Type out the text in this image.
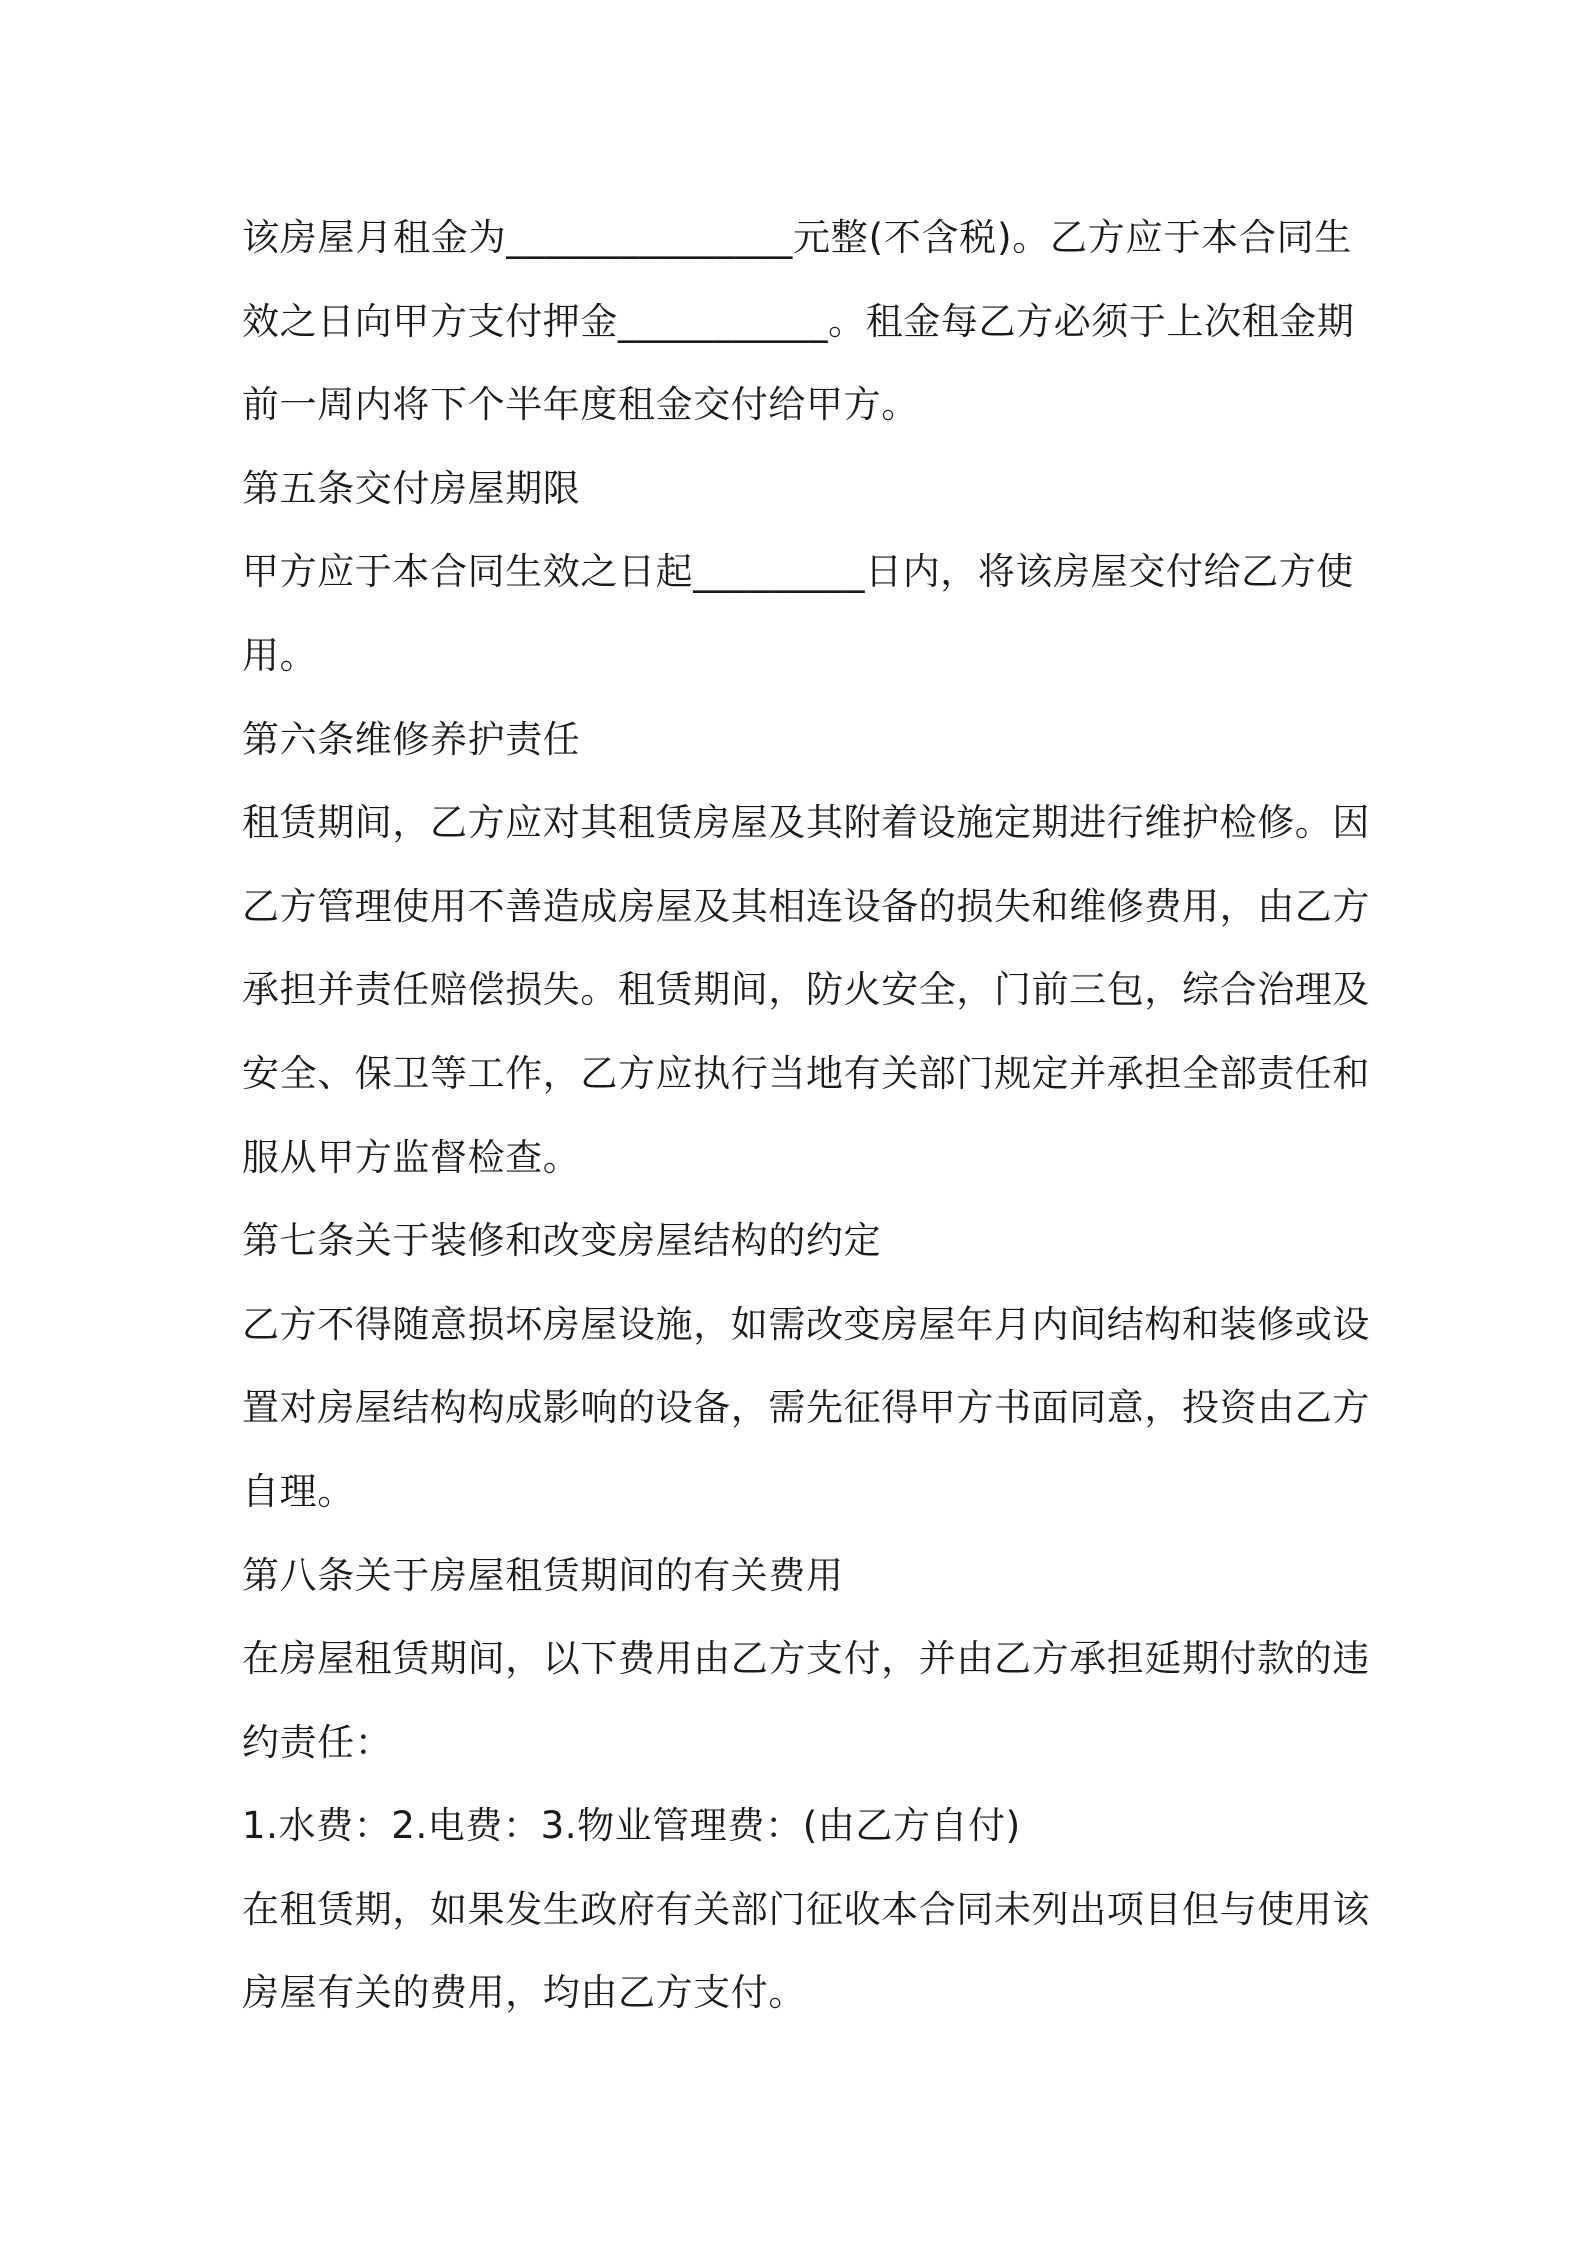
该房屋月租金为_______________元整(不含税)。乙方应于本合同生
效之日向甲方支付押金___________。租金每乙方必须于上次租金期
前一周内将下个半年度租金交付给甲方。
第五条交付房屋期限
甲方应于本合同生效之日起_________日内，将该房屋交付给乙方使
用。
第六条维修养护责任
租赁期间，乙方应对其租赁房屋及其附着设施定期进行维护检修。因
乙方管理使用不善造成房屋及其相连设备的损失和维修费用，由乙方
承担并责任赔偿损失。租赁期间，防火安全，门前三包，综合治理及
安全、保卫等工作，乙方应执行当地有关部门规定并承担全部责任和
服从甲方监督检查。
第七条关于装修和改变房屋结构的约定
乙方不得随意损坏房屋设施，如需改变房屋年月内间结构和装修或设
置对房屋结构构成影响的设备，需先征得甲方书面同意，投资由乙方
自理。
第八条关于房屋租赁期间的有关费用
在房屋租赁期间，以下费用由乙方支付，并由乙方承担延期付款的违
约责任：
1.水费：2.电费：3.物业管理费：(由乙方自付)
在租赁期，如果发生政府有关部门征收本合同未列出项目但与使用该
房屋有关的费用，均由乙方支付。
